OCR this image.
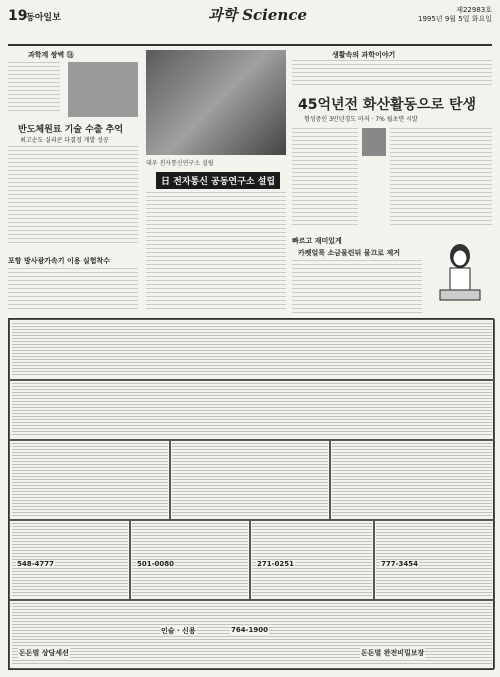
19
동아일보	과학 Science	제22983호
1995년 9월 5일 화요일
과학계 쌍벽 ⑬
반도체원료 기술 수출 추억
최고순도 실리콘 다결정 개발 성공
포항 방사광가속기 이용 실험착수
대우 전자통신연구소 설립
日 전자통신 공동연구소 설립
생활속의 과학이야기
45억년전 화산활동으로 탄생
형성중인 3만년경도 마저 · 7% 월초면 시발
빠르고 재미있게
카펫얼룩 소금물린뒤 물끄로 제거
548-4777	501-0080	271-0251	777-3454
돈돈벌 상담세션
인술 · 신용	764-1900
돈돈벌 완전비밀보장
